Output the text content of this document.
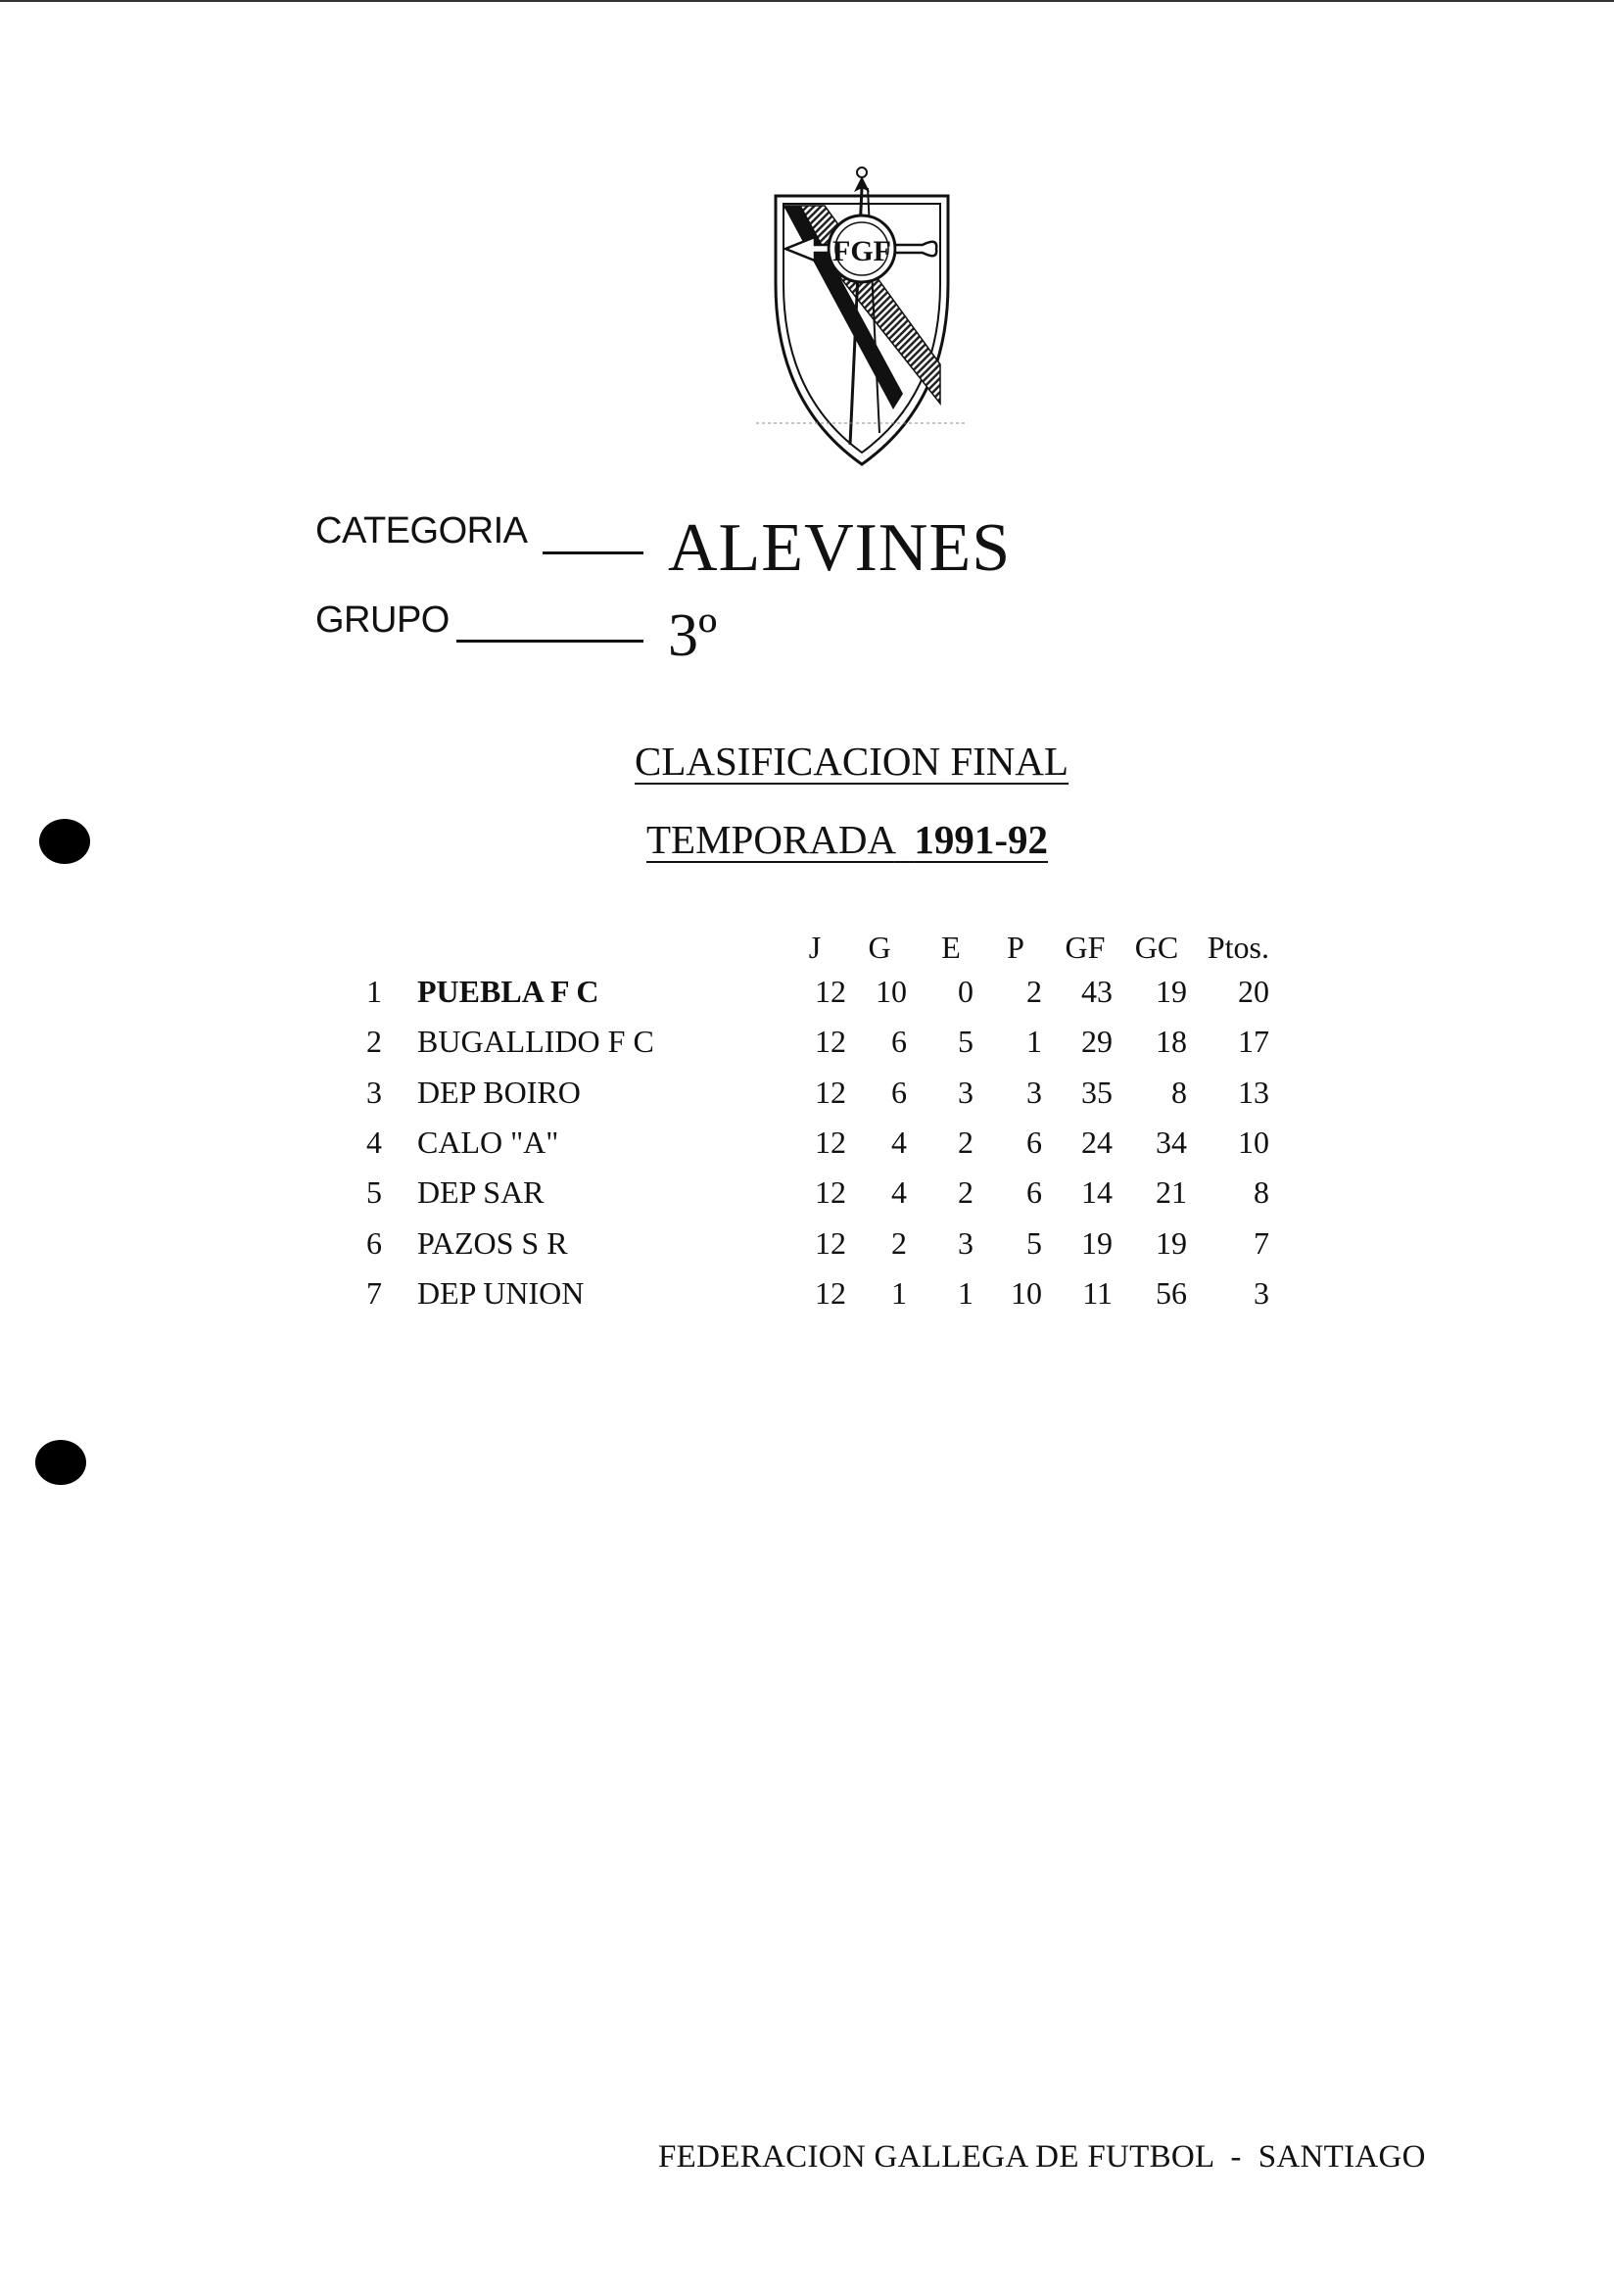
FGF
CATEGORIA ALEVINES
GRUPO	3º
CLASIFICACION FINAL
TEMPORADA 1991-92
J	G	E	P	GF GC Ptos.
1 PUEBLA F C	12 10	0	2	43	19	20
2 BUGALLIDO F C	12	6	5	1	29	18	17
3 DEP BOIRO	12	6	3	3	35	8	13
4 CALO "A"	12	4	2	6	24	34	10
5 DEP SAR	12	4	2	6	14	21	8
6 PAZOS S R	12	2	3	5	19	19	7
7 DEP UNION	12	1	1	10	11	56	3
FEDERACION GALLEGA DE FUTBOL  -  SANTIAGO
